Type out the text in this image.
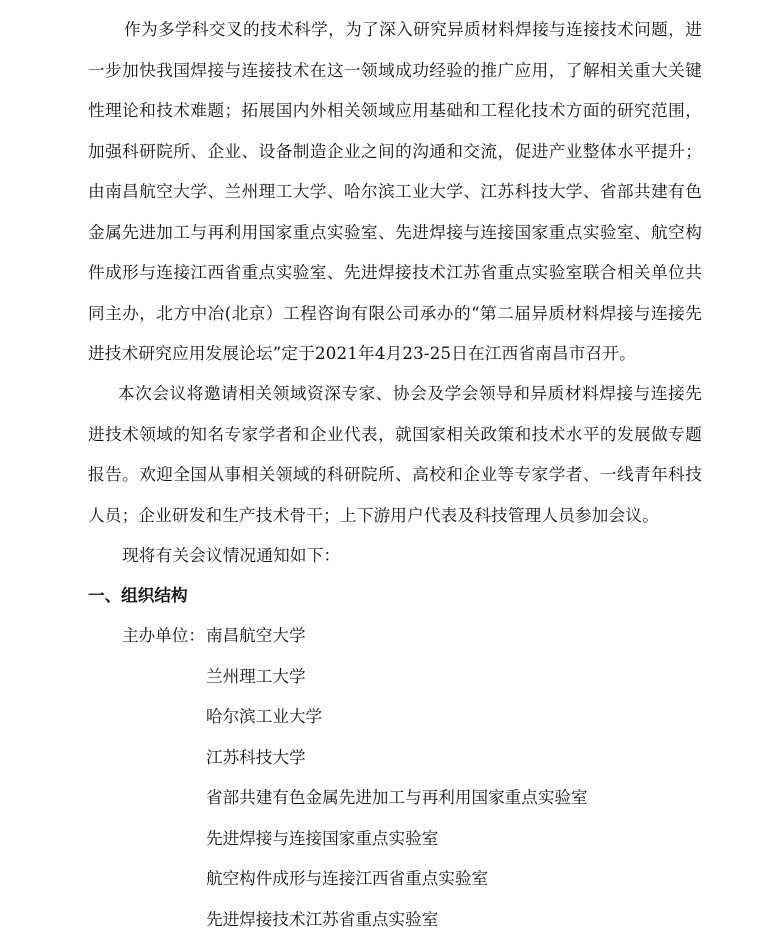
作为多学科交叉的技术科学，为了深入研究异质材料焊接与连接技术问题，进一步加快我国焊接与连接技术在这一领域成功经验的推广应用，了解相关重大关键性理论和技术难题；拓展国内外相关领域应用基础和工程化技术方面的研究范围，加强科研院所、企业、设备制造企业之间的沟通和交流，促进产业整体水平提升；由南昌航空大学、兰州理工大学、哈尔滨工业大学、江苏科技大学、省部共建有色金属先进加工与再利用国家重点实验室、先进焊接与连接国家重点实验室、航空构件成形与连接江西省重点实验室、先进焊接技术江苏省重点实验室联合相关单位共同主办，北方中冶(北京）工程咨询有限公司承办的“第二届异质材料焊接与连接先进技术研究应用发展论坛”定于2021年4月23-25日在江西省南昌市召开。

本次会议将邀请相关领域资深专家、协会及学会领导和异质材料焊接与连接先进技术领域的知名专家学者和企业代表，就国家相关政策和技术水平的发展做专题报告。欢迎全国从事相关领域的科研院所、高校和企业等专家学者、一线青年科技人员；企业研发和生产技术骨干；上下游用户代表及科技管理人员参加会议。

现将有关会议情况通知如下：

一、组织结构
主办单位： 南昌航空大学
兰州理工大学
哈尔滨工业大学
江苏科技大学
省部共建有色金属先进加工与再利用国家重点实验室
先进焊接与连接国家重点实验室
航空构件成形与连接江西省重点实验室
先进焊接技术江苏省重点实验室
